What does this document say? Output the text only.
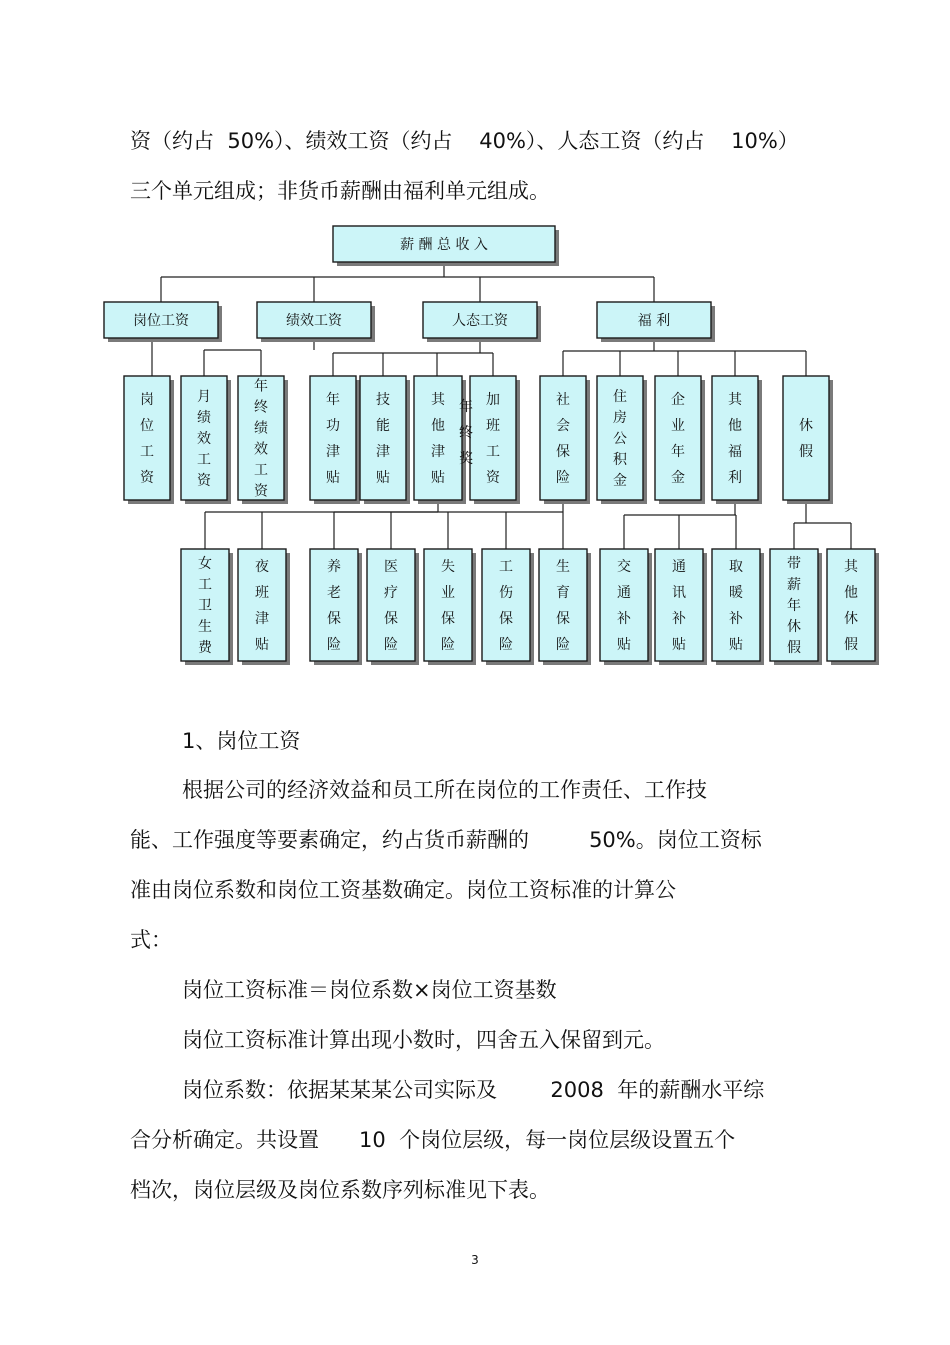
资（约占  50%）、绩效工资（约占    40%）、人态工资（约占    10%）
三个单元组成；非货币薪酬由福利单元组成。
薪 酬 总 收 入
岗位工资	绩效工资	人态工资	福 利
岗位工资
月绩效工资
年终绩效工资
年功津贴
技能津贴
其他津贴
加班工资
社会保险
住房公积金
企业年金
其他福利
休假
年终奖
女工卫生费
夜班津贴
养老保险
医疗保险
失业保险
工伤保险
生育保险
交通补贴
通讯补贴
取暖补贴
带薪年休假
其他休假
1、岗位工资
根据公司的经济效益和员工所在岗位的工作责任、工作技
能、工作强度等要素确定，约占货币薪酬的         50%。岗位工资标
准由岗位系数和岗位工资基数确定。岗位工资标准的计算公
式：
岗位工资标准＝岗位系数×岗位工资基数
岗位工资标准计算出现小数时，四舍五入保留到元。
岗位系数：依据某某某公司实际及        2008  年的薪酬水平综
合分析确定。共设置      10  个岗位层级，每一岗位层级设置五个
档次，岗位层级及岗位系数序列标准见下表。
3
